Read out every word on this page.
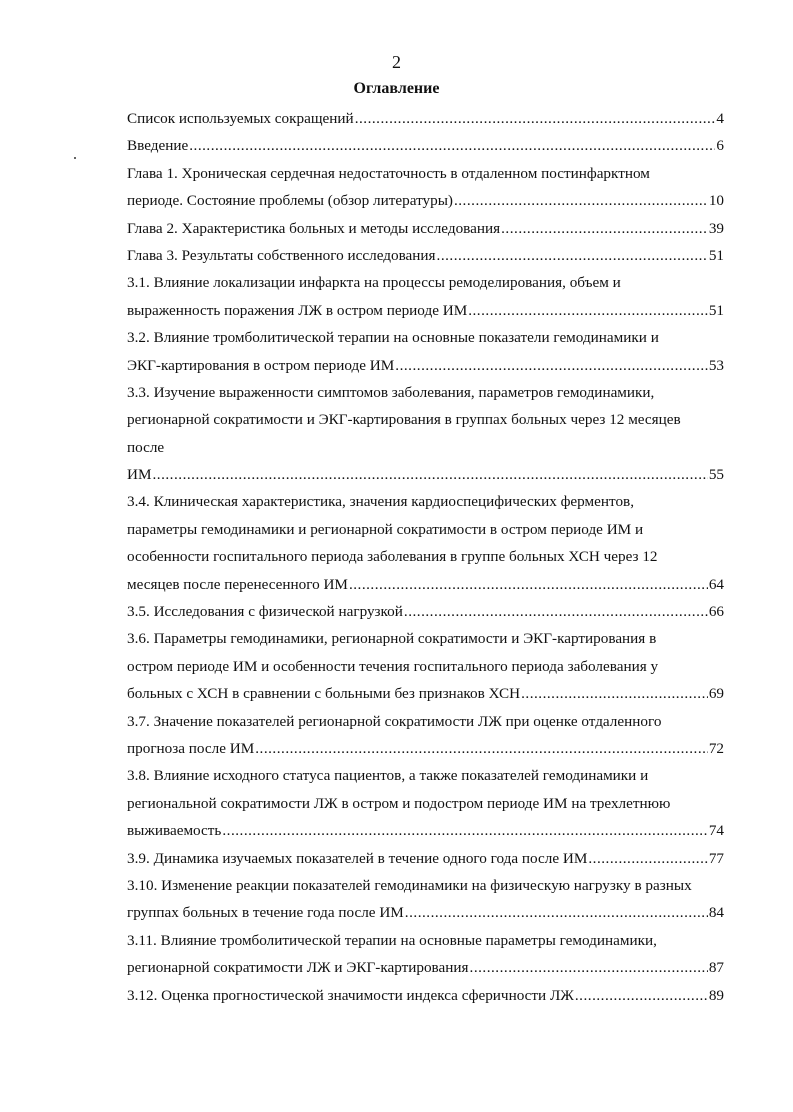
2
Оглавление
Список используемых сокращений .....	4
Введение .....	6
Глава 1. Хроническая сердечная недостаточность в отдаленном постинфарктном
периоде. Состояние проблемы (обзор литературы) .....	10
Глава 2. Характеристика больных и методы исследования .....	39
Глава 3. Результаты собственного исследования .....	51
3.1. Влияние локализации инфаркта на процессы ремоделирования, объем и
выраженность поражения ЛЖ в остром периоде ИМ .....	51
3.2. Влияние тромболитической терапии на основные показатели гемодинамики и
ЭКГ-картирования в остром периоде ИМ .....	53
3.3. Изучение выраженности симптомов заболевания, параметров гемодинамики,
регионарной сократимости и ЭКГ-картирования в группах больных через 12 месяцев
после
ИМ .....	55
3.4. Клиническая характеристика, значения кардиоспецифических ферментов,
параметры гемодинамики и регионарной сократимости в остром периоде ИМ и
особенности госпитального периода заболевания в группе больных ХСН через 12
месяцев после перенесенного ИМ .....	64
3.5. Исследования с физической нагрузкой .....	66
3.6. Параметры гемодинамики, регионарной сократимости и ЭКГ-картирования в
остром периоде ИМ и особенности течения госпитального периода заболевания у
больных с ХСН в сравнении с больными без признаков ХСН .....	69
3.7. Значение показателей регионарной сократимости ЛЖ при оценке отдаленного
прогноза после ИМ .....	72
3.8. Влияние исходного статуса пациентов, а также показателей гемодинамики и
региональной сократимости ЛЖ в остром и подостром периоде ИМ на трехлетнюю
выживаемость .....	74
3.9. Динамика изучаемых показателей в течение одного года после ИМ .....	77
3.10. Изменение реакции показателей гемодинамики на физическую нагрузку в разных
группах больных в течение года после ИМ .....	84
3.11. Влияние тромболитической терапии на основные параметры гемодинамики,
регионарной сократимости ЛЖ и ЭКГ-картирования .....	87
3.12. Оценка прогностической значимости индекса сферичности ЛЖ .....	89
